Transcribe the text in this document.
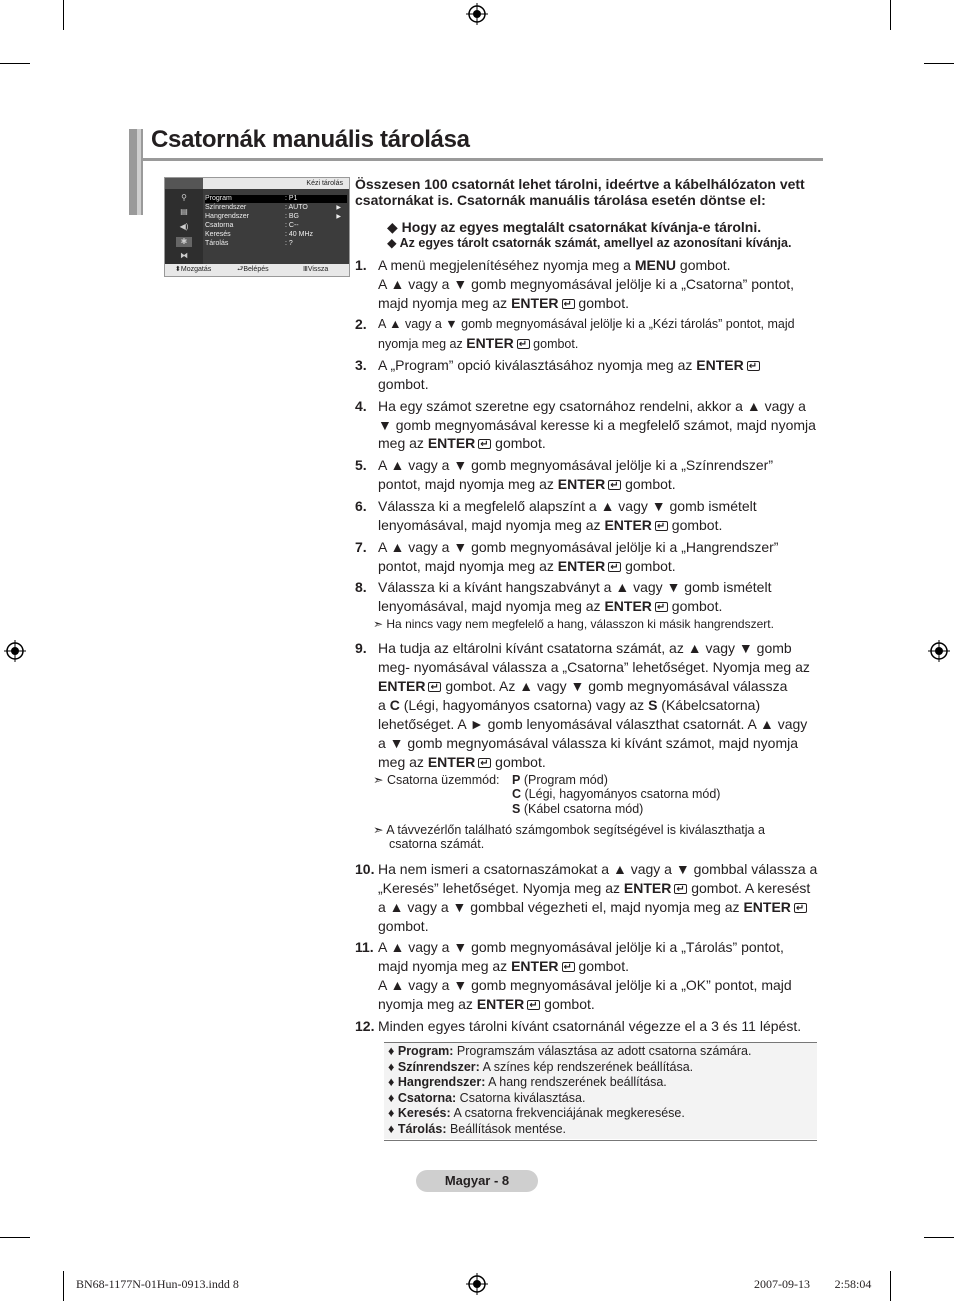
Csatornák manuális tárolása
Kézi tárolás
⚲
▤
◀)
✱
⧓
Program	: P1
Színrendszer	: AUTO	▶
Hangrendszer	: BG	▶
Csatorna	: C--
Keresés	: 40 MHz
Tárolás	: ?
⬍ Mozgatás	⮐ Belépés	Ⅲ Vissza
Összesen 100 csatornát lehet tárolni, ideértve a kábelhálózaton vett
csatornákat is. Csatornák manuális tárolása esetén döntse el:
◆ Hogy az egyes megtalált csatornákat kívánja-e tárolni.
◆ Az egyes tárolt csatornák számát, amellyel az azonosítani kívánja.
1. A menü megjelenítéséhez nyomja meg a MENU gombot.
A ▲ vagy a ▼ gomb megnyomásával jelölje ki a „Csatorna” pontot,
majd nyomja meg az ENTER↵ gombot.
2. A ▲ vagy a ▼ gomb megnyomásával jelölje ki a „Kézi tárolás” pontot, majd
nyomja meg az ENTER↵ gombot.
3. A „Program” opció kiválasztásához nyomja meg az ENTER↵
gombot.
4. Ha egy számot szeretne egy csatornához rendelni, akkor a ▲ vagy a
▼ gomb megnyomásával keresse ki a megfelelő számot, majd nyomja
meg az ENTER↵ gombot.
5. A ▲ vagy a ▼ gomb megnyomásával jelölje ki a „Színrendszer”
pontot, majd nyomja meg az ENTER↵ gombot.
6. Válassza ki a megfelelő alapszínt a ▲ vagy ▼ gomb ismételt
lenyomásával, majd nyomja meg az ENTER↵ gombot.
7. A ▲ vagy a ▼ gomb megnyomásával jelölje ki a „Hangrendszer”
pontot, majd nyomja meg az ENTER↵ gombot.
8. Válassza ki a kívánt hangszabványt a ▲ vagy ▼ gomb ismételt
lenyomásával, majd nyomja meg az ENTER↵ gombot.
➣ Ha nincs vagy nem megfelelő a hang, válasszon ki másik hangrendszert.
9. Ha tudja az eltárolni kívánt csatatorna számát, az ▲ vagy ▼ gomb
meg- nyomásával válassza a „Csatorna” lehetőséget. Nyomja meg az
ENTER↵ gombot. Az ▲ vagy ▼ gomb megnyomásával válassza
a C (Légi, hagyományos csatorna) vagy az S (Kábelcsatorna)
lehetőséget. A ► gomb lenyomásával választhat csatornát. A ▲ vagy
a ▼ gomb megnyomásával válassza ki kívánt számot, majd nyomja
meg az ENTER↵ gombot.
➣ Csatorna üzemmód: P (Program mód)
C (Légi, hagyományos csatorna mód)
S (Kábel csatorna mód)
➣ A távvezérlőn található számgombok segítségével is kiválaszthatja a
csatorna számát.
10. Ha nem ismeri a csatornaszámokat a ▲ vagy a ▼ gombbal válassza a
„Keresés” lehetőséget. Nyomja meg az ENTER↵ gombot. A keresést
a ▲ vagy a ▼ gombbal végezheti el, majd nyomja meg az ENTER↵
gombot.
11. A ▲ vagy a ▼ gomb megnyomásával jelölje ki a „Tárolás” pontot,
majd nyomja meg az ENTER↵ gombot.
A ▲ vagy a ▼ gomb megnyomásával jelölje ki a „OK” pontot, majd
nyomja meg az ENTER↵ gombot.
12. Minden egyes tárolni kívánt csatornánál végezze el a 3 és 11 lépést.
♦ Program: Programszám választása az adott csatorna számára.
♦ Színrendszer: A színes kép rendszerének beállítása.
♦ Hangrendszer: A hang rendszerének beállítása.
♦ Csatorna: Csatorna kiválasztása.
♦ Keresés: A csatorna frekvenciájának megkeresése.
♦ Tárolás: Beállítások mentése.
Magyar - 8
BN68-1177N-01Hun-0913.indd 8	2007-09-13 ￿￿ 2:58:04
